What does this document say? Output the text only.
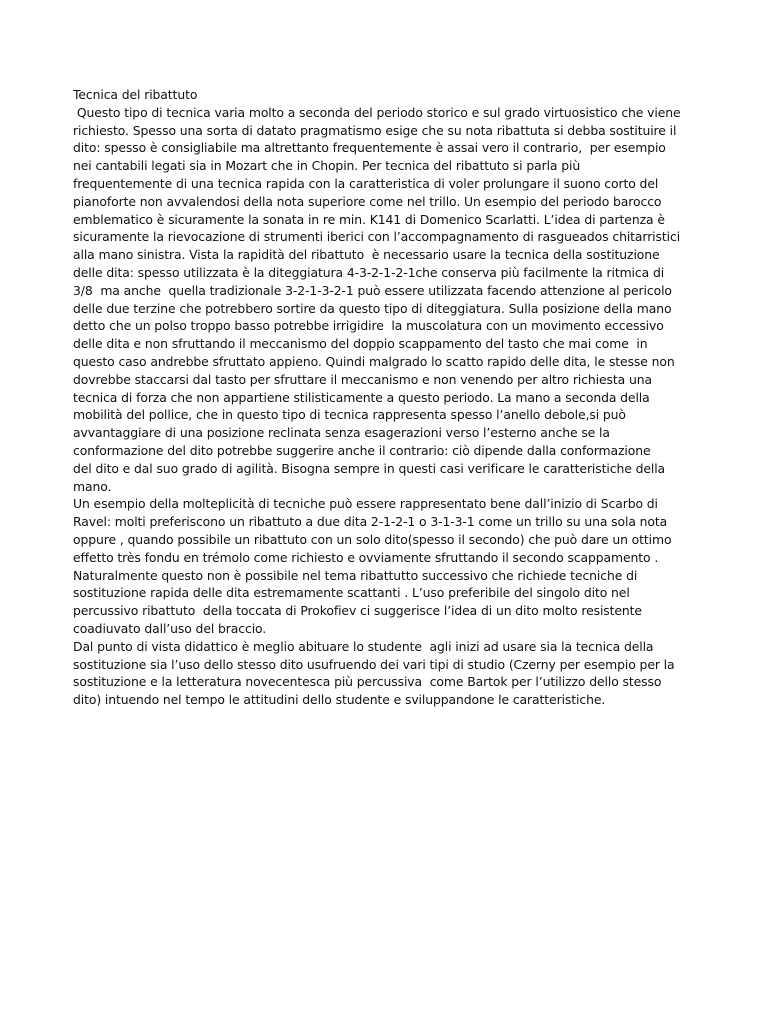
Tecnica del ribattuto
Questo tipo di tecnica varia molto a seconda del periodo storico e sul grado virtuosistico che viene
richiesto. Spesso una sorta di datato pragmatismo esige che su nota ribattuta si debba sostituire il
dito: spesso è consigliabile ma altrettanto frequentemente è assai vero il contrario,  per esempio
nei cantabili legati sia in Mozart che in Chopin. Per tecnica del ribattuto si parla più
frequentemente di una tecnica rapida con la caratteristica di voler prolungare il suono corto del
pianoforte non avvalendosi della nota superiore come nel trillo. Un esempio del periodo barocco
emblematico è sicuramente la sonata in re min. K141 di Domenico Scarlatti. L’idea di partenza è
sicuramente la rievocazione di strumenti iberici con l’accompagnamento di rasgueados chitarristici
alla mano sinistra. Vista la rapidità del ribattuto  è necessario usare la tecnica della sostituzione
delle dita: spesso utilizzata è la diteggiatura 4-3-2-1-2-1che conserva più facilmente la ritmica di
3/8  ma anche  quella tradizionale 3-2-1-3-2-1 può essere utilizzata facendo attenzione al pericolo
delle due terzine che potrebbero sortire da questo tipo di diteggiatura. Sulla posizione della mano
detto che un polso troppo basso potrebbe irrigidire  la muscolatura con un movimento eccessivo
delle dita e non sfruttando il meccanismo del doppio scappamento del tasto che mai come  in
questo caso andrebbe sfruttato appieno. Quindi malgrado lo scatto rapido delle dita, le stesse non
dovrebbe staccarsi dal tasto per sfruttare il meccanismo e non venendo per altro richiesta una
tecnica di forza che non appartiene stilisticamente a questo periodo. La mano a seconda della
mobilità del pollice, che in questo tipo di tecnica rappresenta spesso l’anello debole,si può
avvantaggiare di una posizione reclinata senza esagerazioni verso l’esterno anche se la
conformazione del dito potrebbe suggerire anche il contrario: ciò dipende dalla conformazione
del dito e dal suo grado di agilità. Bisogna sempre in questi casi verificare le caratteristiche della
mano.
Un esempio della molteplicità di tecniche può essere rappresentato bene dall’inizio di Scarbo di
Ravel: molti preferiscono un ribattuto a due dita 2-1-2-1 o 3-1-3-1 come un trillo su una sola nota
oppure , quando possibile un ribattuto con un solo dito(spesso il secondo) che può dare un ottimo
effetto très fondu en trémolo come richiesto e ovviamente sfruttando il secondo scappamento .
Naturalmente questo non è possibile nel tema ribattutto successivo che richiede tecniche di
sostituzione rapida delle dita estremamente scattanti . L’uso preferibile del singolo dito nel
percussivo ribattuto  della toccata di Prokofiev ci suggerisce l’idea di un dito molto resistente
coadiuvato dall’uso del braccio.
Dal punto di vista didattico è meglio abituare lo studente  agli inizi ad usare sia la tecnica della
sostituzione sia l’uso dello stesso dito usufruendo dei vari tipi di studio (Czerny per esempio per la
sostituzione e la letteratura novecentesca più percussiva  come Bartok per l’utilizzo dello stesso
dito) intuendo nel tempo le attitudini dello studente e sviluppandone le caratteristiche.
